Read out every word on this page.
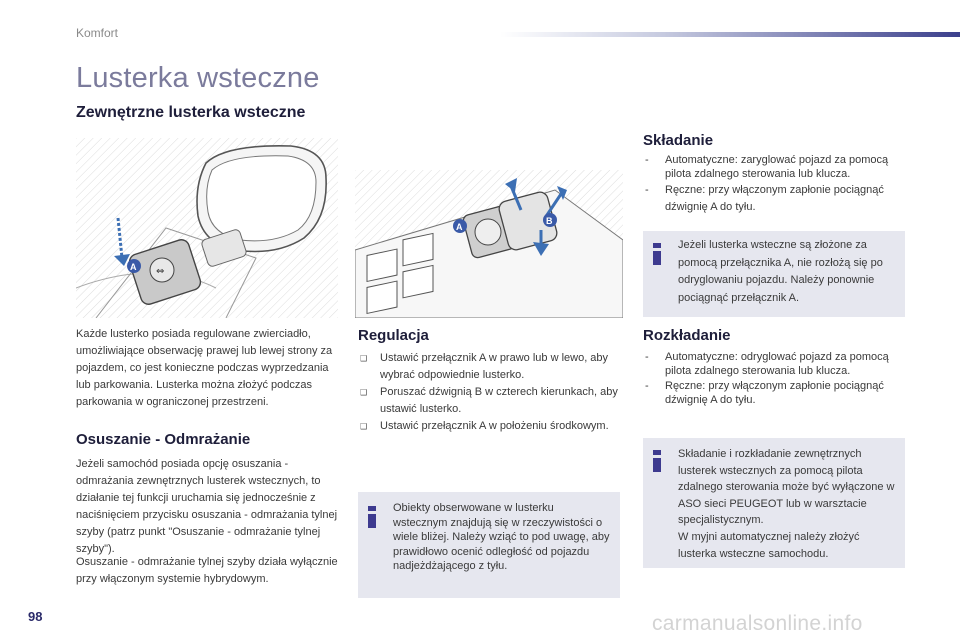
Komfort
Lusterka wsteczne
Zewnętrzne lusterka wsteczne
⇔
A
A
B

Każde lusterko posiada regulowane zwierciadło, umożliwiające obserwację prawej lub lewej strony za pojazdem, co jest konieczne podczas wyprzedzania lub parkowania. Lusterka można złożyć podczas parkowania w ograniczonej przestrzeni.

Osuszanie - Odmrażanie

Jeżeli samochód posiada opcję osuszania - odmrażania zewnętrznych lusterek wstecznych, to działanie tej funkcji uruchamia się jednocześnie z naciśnięciem przycisku osuszania - odmrażania tylnej szyby (patrz punkt "Osuszanie - odmrażanie tylnej szyby").

Osuszanie - odmrażanie tylnej szyby działa wyłącznie przy włączonym systemie hybrydowym.

Regulacja
❑ Ustawić przełącznik A w prawo lub w lewo, aby wybrać odpowiednie lusterko.
❑ Poruszać dźwignią B w czterech kierunkach, aby ustawić lusterko.
❑ Ustawić przełącznik A w położeniu środkowym.

Obiekty obserwowane w lusterku wstecznym znajdują się w rzeczywistości o wiele bliżej. Należy wziąć to pod uwagę, aby prawidłowo ocenić odległość od pojazdu nadjeżdżającego z tyłu.

Składanie
- Automatyczne: zaryglować pojazd za pomocą pilota zdalnego sterowania lub klucza.
- Ręczne: przy włączonym zapłonie pociągnąć dźwignię A do tyłu.

Jeżeli lusterka wsteczne są złożone za pomocą przełącznika A, nie rozłożą się po odryglowaniu pojazdu. Należy ponownie pociągnąć przełącznik A.

Rozkładanie
- Automatyczne: odryglować pojazd za pomocą pilota zdalnego sterowania lub klucza.
- Ręczne: przy włączonym zapłonie pociągnąć dźwignię A do tyłu.

Składanie i rozkładanie zewnętrznych lusterek wstecznych za pomocą pilota zdalnego sterowania może być wyłączone w ASO sieci PEUGEOT lub w warsztacie specjalistycznym.

W myjni automatycznej należy złożyć lusterka wsteczne samochodu.

98	carmanualsonline.info
